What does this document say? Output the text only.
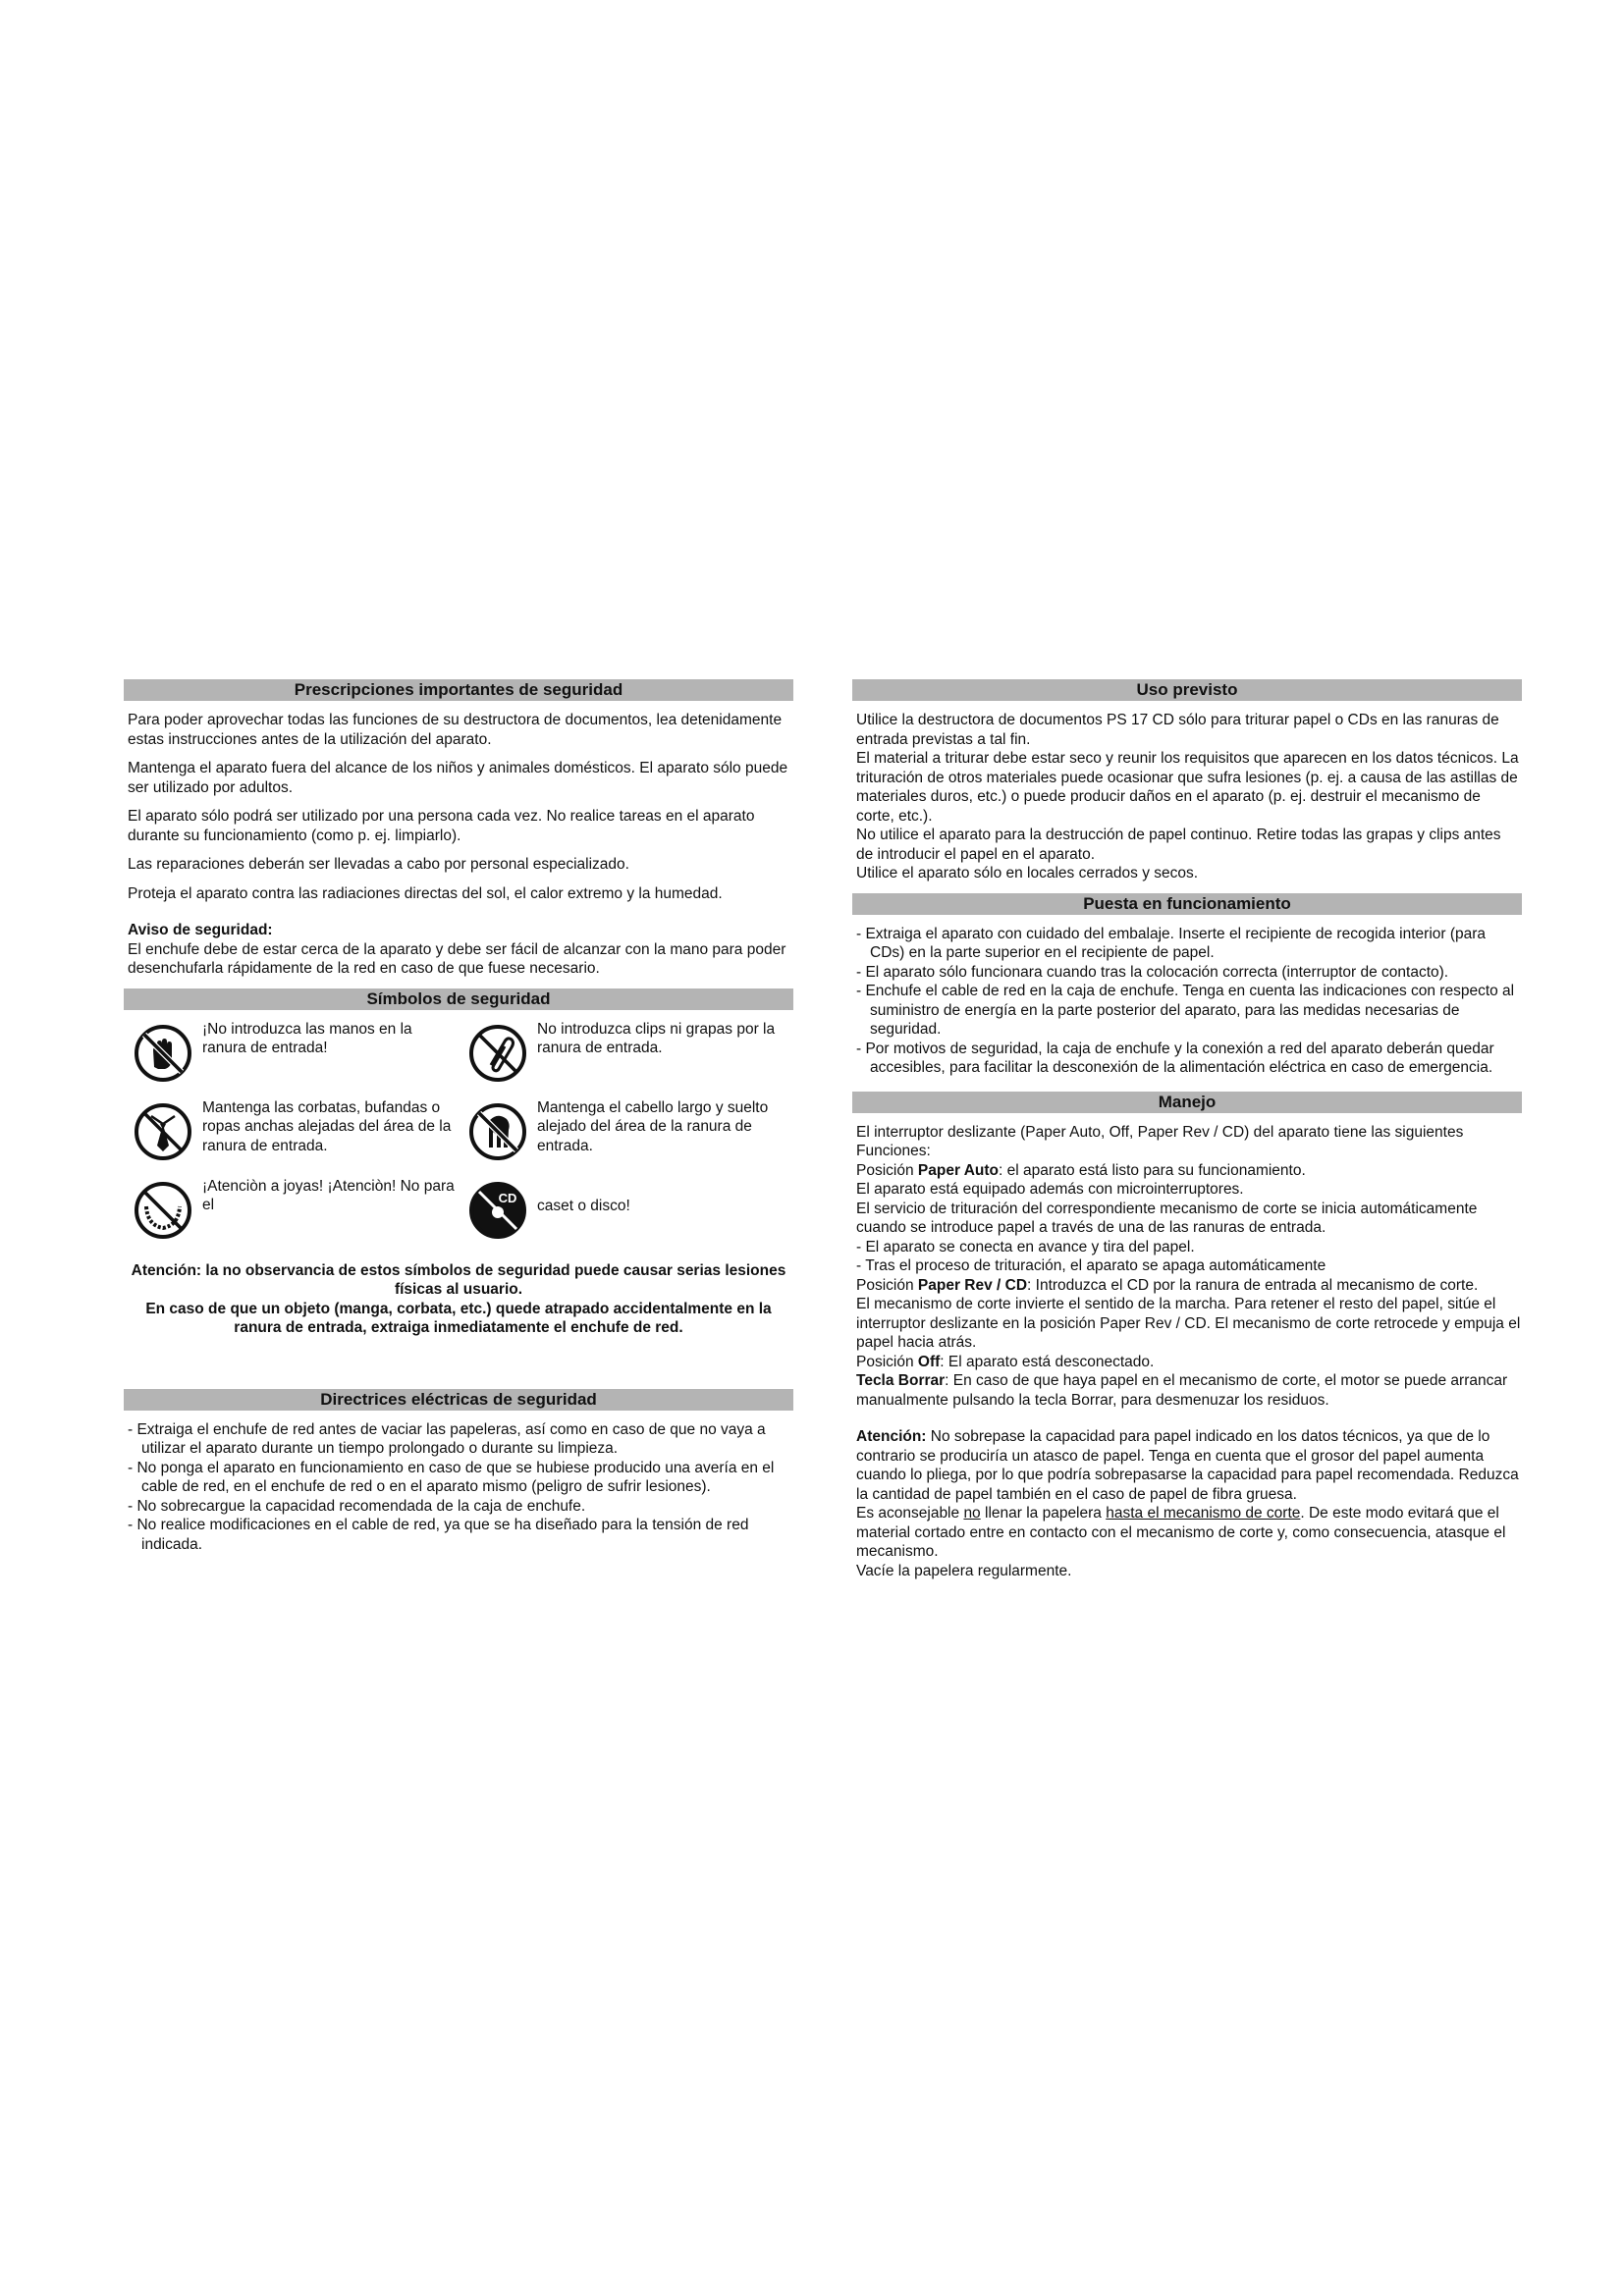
Prescripciones importantes de seguridad

Para poder aprovechar todas las funciones de su destructora de documentos, lea detenidamente estas instrucciones antes de la utilización del aparato.

Mantenga el aparato fuera del alcance de los niños y animales domésticos. El aparato sólo puede ser utilizado por adultos.

El aparato sólo podrá ser utilizado por una persona cada vez. No realice tareas en el aparato durante su funcionamiento (como p. ej. limpiarlo).

Las reparaciones deberán ser llevadas a cabo por personal especializado.

Proteja el aparato contra las radiaciones directas del sol, el calor extremo y la humedad.

Aviso de seguridad:

El enchufe debe de estar cerca de la aparato y debe ser fácil de alcanzar con la mano para poder desenchufarla rápidamente de la red en caso de que fuese necesario.

Símbolos de seguridad
¡No introduzca las manos en la ranura de entrada!
No introduzca clips ni grapas por la ranura de entrada.
Mantenga las corbatas, bufandas o ropas anchas alejadas del área de la ranura de entrada.
Mantenga el cabello largo y suelto alejado del área de la ranura de entrada.
¡Atenciòn a joyas! ¡Atenciòn! No para el	CD caset o disco!

Atención: la no observancia de estos símbolos de seguridad puede causar serias lesiones físicas al usuario.

En caso de que un objeto (manga, corbata, etc.) quede atrapado accidentalmente en la ranura de entrada, extraiga inmediatamente el enchufe de red.

Directrices eléctricas de seguridad
- Extraiga el enchufe de red antes de vaciar las papeleras, así como en caso de que no vaya a utilizar el aparato durante un tiempo prolongado o durante su limpieza.
- No ponga el aparato en funcionamiento en caso de que se hubiese producido una avería en el cable de red, en el enchufe de red o en el aparato mismo (peligro de sufrir lesiones).
- No sobrecargue la capacidad recomendada de la caja de enchufe.
- No realice modificaciones en el cable de red, ya que se ha diseñado para la tensión de red indicada.
Uso previsto
Utilice la destructora de documentos PS 17 CD sólo para triturar papel o CDs en las ranuras de entrada previstas a tal fin.
El material a triturar debe estar seco y reunir los requisitos que aparecen en los datos técnicos. La trituración de otros materiales puede ocasionar que sufra lesiones (p. ej. a causa de las astillas de materiales duros, etc.) o puede producir daños en el aparato (p. ej. destruir el mecanismo de corte, etc.).
No utilice el aparato para la destrucción de papel continuo. Retire todas las grapas y clips antes de introducir el papel en el aparato.
Utilice el aparato sólo en locales cerrados y secos.
Puesta en funcionamiento
- Extraiga el aparato con cuidado del embalaje. Inserte el recipiente de recogida interior (para CDs) en la parte superior en el recipiente de papel.
- El aparato sólo funcionara cuando tras la colocación correcta (interruptor de contacto).
- Enchufe el cable de red en la caja de enchufe. Tenga en cuenta las indicaciones con respecto al suministro de energía en la parte posterior del aparato, para las medidas necesarias de seguridad.
- Por motivos de seguridad, la caja de enchufe y la conexión a red del aparato deberán quedar accesibles, para facilitar la desconexión de la alimentación eléctrica en caso de emergencia.
Manejo
El interruptor deslizante (Paper Auto, Off, Paper Rev / CD) del aparato tiene las siguientes Funciones:
Posición Paper Auto: el aparato está listo para su funcionamiento.
El aparato está equipado además con microinterruptores.
El servicio de trituración del correspondiente mecanismo de corte se inicia automáticamente cuando se introduce papel a través de una de las ranuras de entrada.
- El aparato se conecta en avance y tira del papel.
- Tras el proceso de trituración, el aparato se apaga automáticamente
Posición Paper Rev / CD: Introduzca el CD por la ranura de entrada al mecanismo de corte.
El mecanismo de corte invierte el sentido de la marcha. Para retener el resto del papel, sitúe el interruptor deslizante en la posición Paper Rev / CD. El mecanismo de corte retrocede y empuja el papel hacia atrás.
Posición Off: El aparato está desconectado.
Tecla Borrar: En caso de que haya papel en el mecanismo de corte, el motor se puede arrancar manualmente pulsando la tecla Borrar, para desmenuzar los residuos.
Atención: No sobrepase la capacidad para papel indicado en los datos técnicos, ya que de lo contrario se produciría un atasco de papel. Tenga en cuenta que el grosor del papel aumenta cuando lo pliega, por lo que podría sobrepasarse la capacidad para papel recomendada. Reduzca la cantidad de papel también en el caso de papel de fibra gruesa.
Es aconsejable no llenar la papelera hasta el mecanismo de corte. De este modo evitará que el material cortado entre en contacto con el mecanismo de corte y, como consecuencia, atasque el mecanismo.
Vacíe la papelera regularmente.
